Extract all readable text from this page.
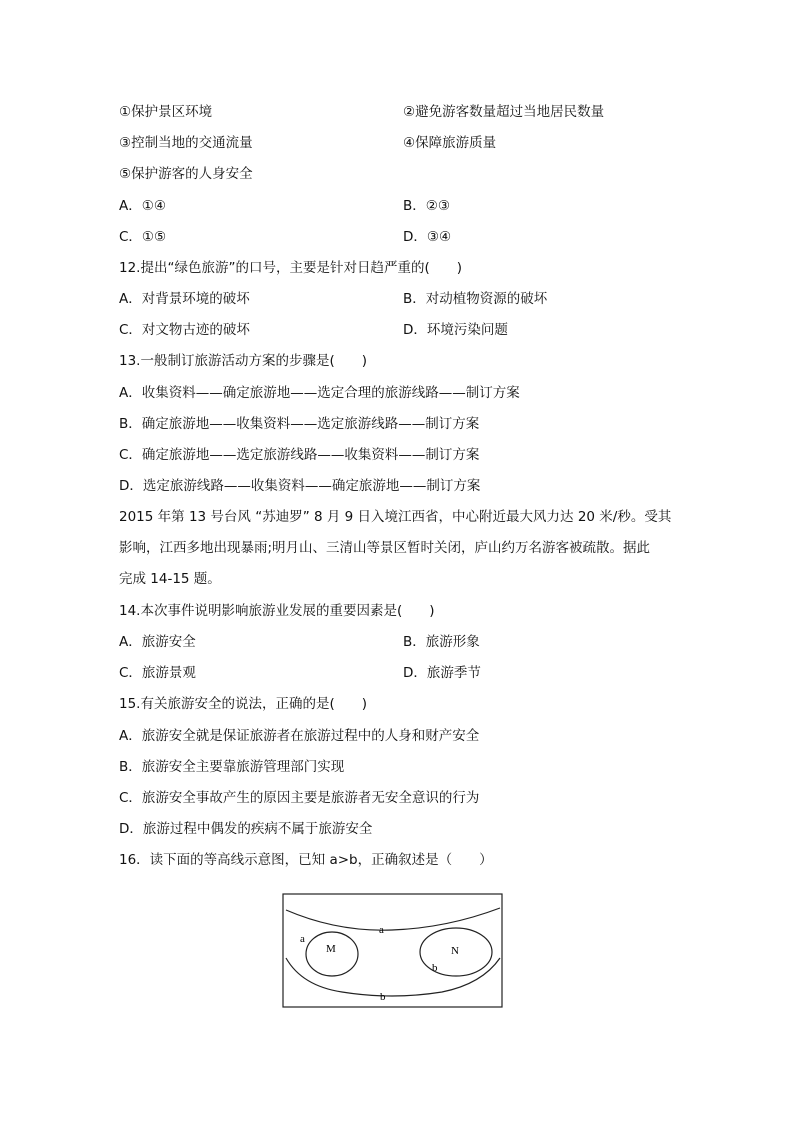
①保护景区环境	②避免游客数量超过当地居民数量
③控制当地的交通流量	④保障旅游质量
⑤保护游客的人身安全
A．①④	B．②③
C．①⑤	D．③④
12.提出“绿色旅游”的口号，主要是针对日趋严重的(　　)
A．对背景环境的破坏	B．对动植物资源的破坏
C．对文物古迹的破坏	D．环境污染问题
13.一般制订旅游活动方案的步骤是(　　)
A．收集资料——确定旅游地——选定合理的旅游线路——制订方案
B．确定旅游地——收集资料——选定旅游线路——制订方案
C．确定旅游地——选定旅游线路——收集资料——制订方案
D．选定旅游线路——收集资料——确定旅游地——制订方案
2015 年第 13 号台风 “苏迪罗” 8 月 9 日入境江西省，中心附近最大风力达 20 米/秒。受其
影响，江西多地出现暴雨;明月山、三清山等景区暂时关闭，庐山约万名游客被疏散。据此
完成 14-15 题。
14.本次事件说明影响旅游业发展的重要因素是(　　)
A．旅游安全	B．旅游形象
C．旅游景观	D．旅游季节
15.有关旅游安全的说法，正确的是(　　)
A．旅游安全就是保证旅游者在旅游过程中的人身和财产安全
B．旅游安全主要靠旅游管理部门实现
C．旅游安全事故产生的原因主要是旅游者无安全意识的行为
D．旅游过程中偶发的疾病不属于旅游安全
16．读下面的等高线示意图，已知 a>b，正确叙述是（　　）
a
a
M	N
b
b
